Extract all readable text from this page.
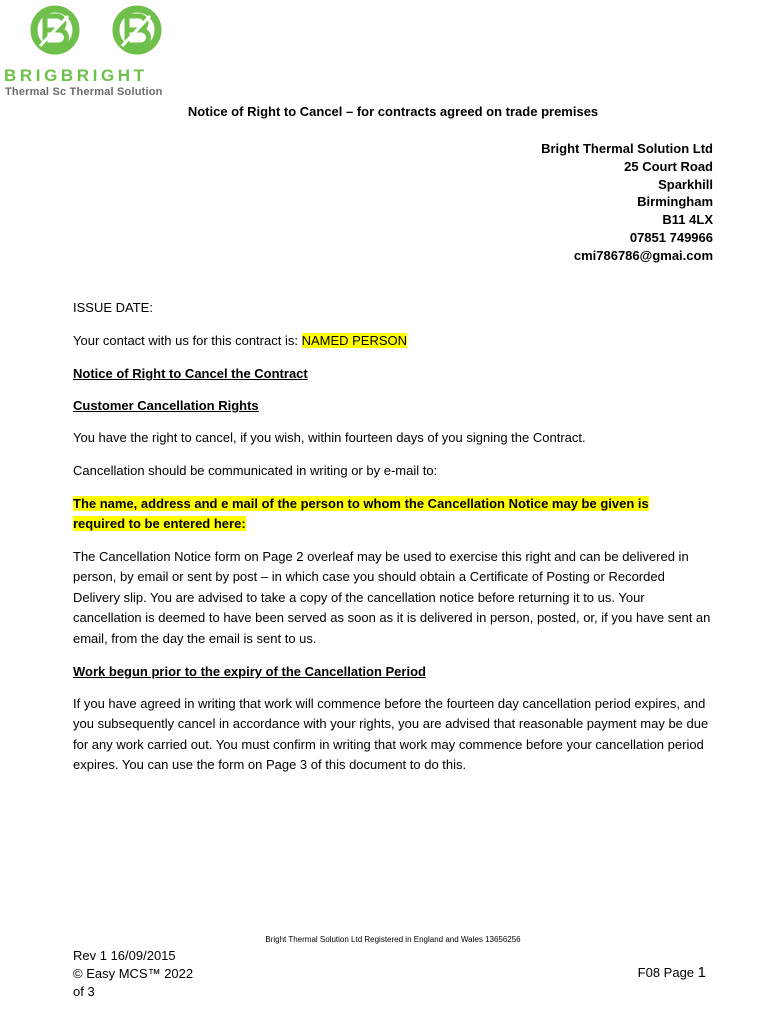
BRIGBRIGHT
Thermal Sc Thermal Solution
Notice of Right to Cancel – for contracts agreed on trade premises
Bright Thermal Solution Ltd
25 Court Road
Sparkhill
Birmingham
B11 4LX
07851 749966
cmi786786@gmai.com
ISSUE DATE:
Your contact with us for this contract is: NAMED PERSON
Notice of Right to Cancel the Contract
Customer Cancellation Rights
You have the right to cancel, if you wish, within fourteen days of you signing the Contract.
Cancellation should be communicated in writing or by e-mail to:
The name, address and e mail of the person to whom the Cancellation Notice may be given is
required to be entered here:
The Cancellation Notice form on Page 2 overleaf may be used to exercise this right and can be delivered in person, by email or sent by post – in which case you should obtain a Certificate of Posting or Recorded Delivery slip. You are advised to take a copy of the cancellation notice before returning it to us. Your cancellation is deemed to have been served as soon as it is delivered in person, posted, or, if you have sent an email, from the day the email is sent to us.
Work begun prior to the expiry of the Cancellation Period
If you have agreed in writing that work will commence before the fourteen day cancellation period expires, and you subsequently cancel in accordance with your rights, you are advised that reasonable payment may be due for any work carried out. You must confirm in writing that work may commence before your cancellation period expires. You can use the form on Page 3 of this document to do this.
Bright Thermal Solution Ltd Registered in England and Wales 13656256
Rev 1 16/09/2015
© Easy MCS™ 2022
of 3
F08 Page 1
